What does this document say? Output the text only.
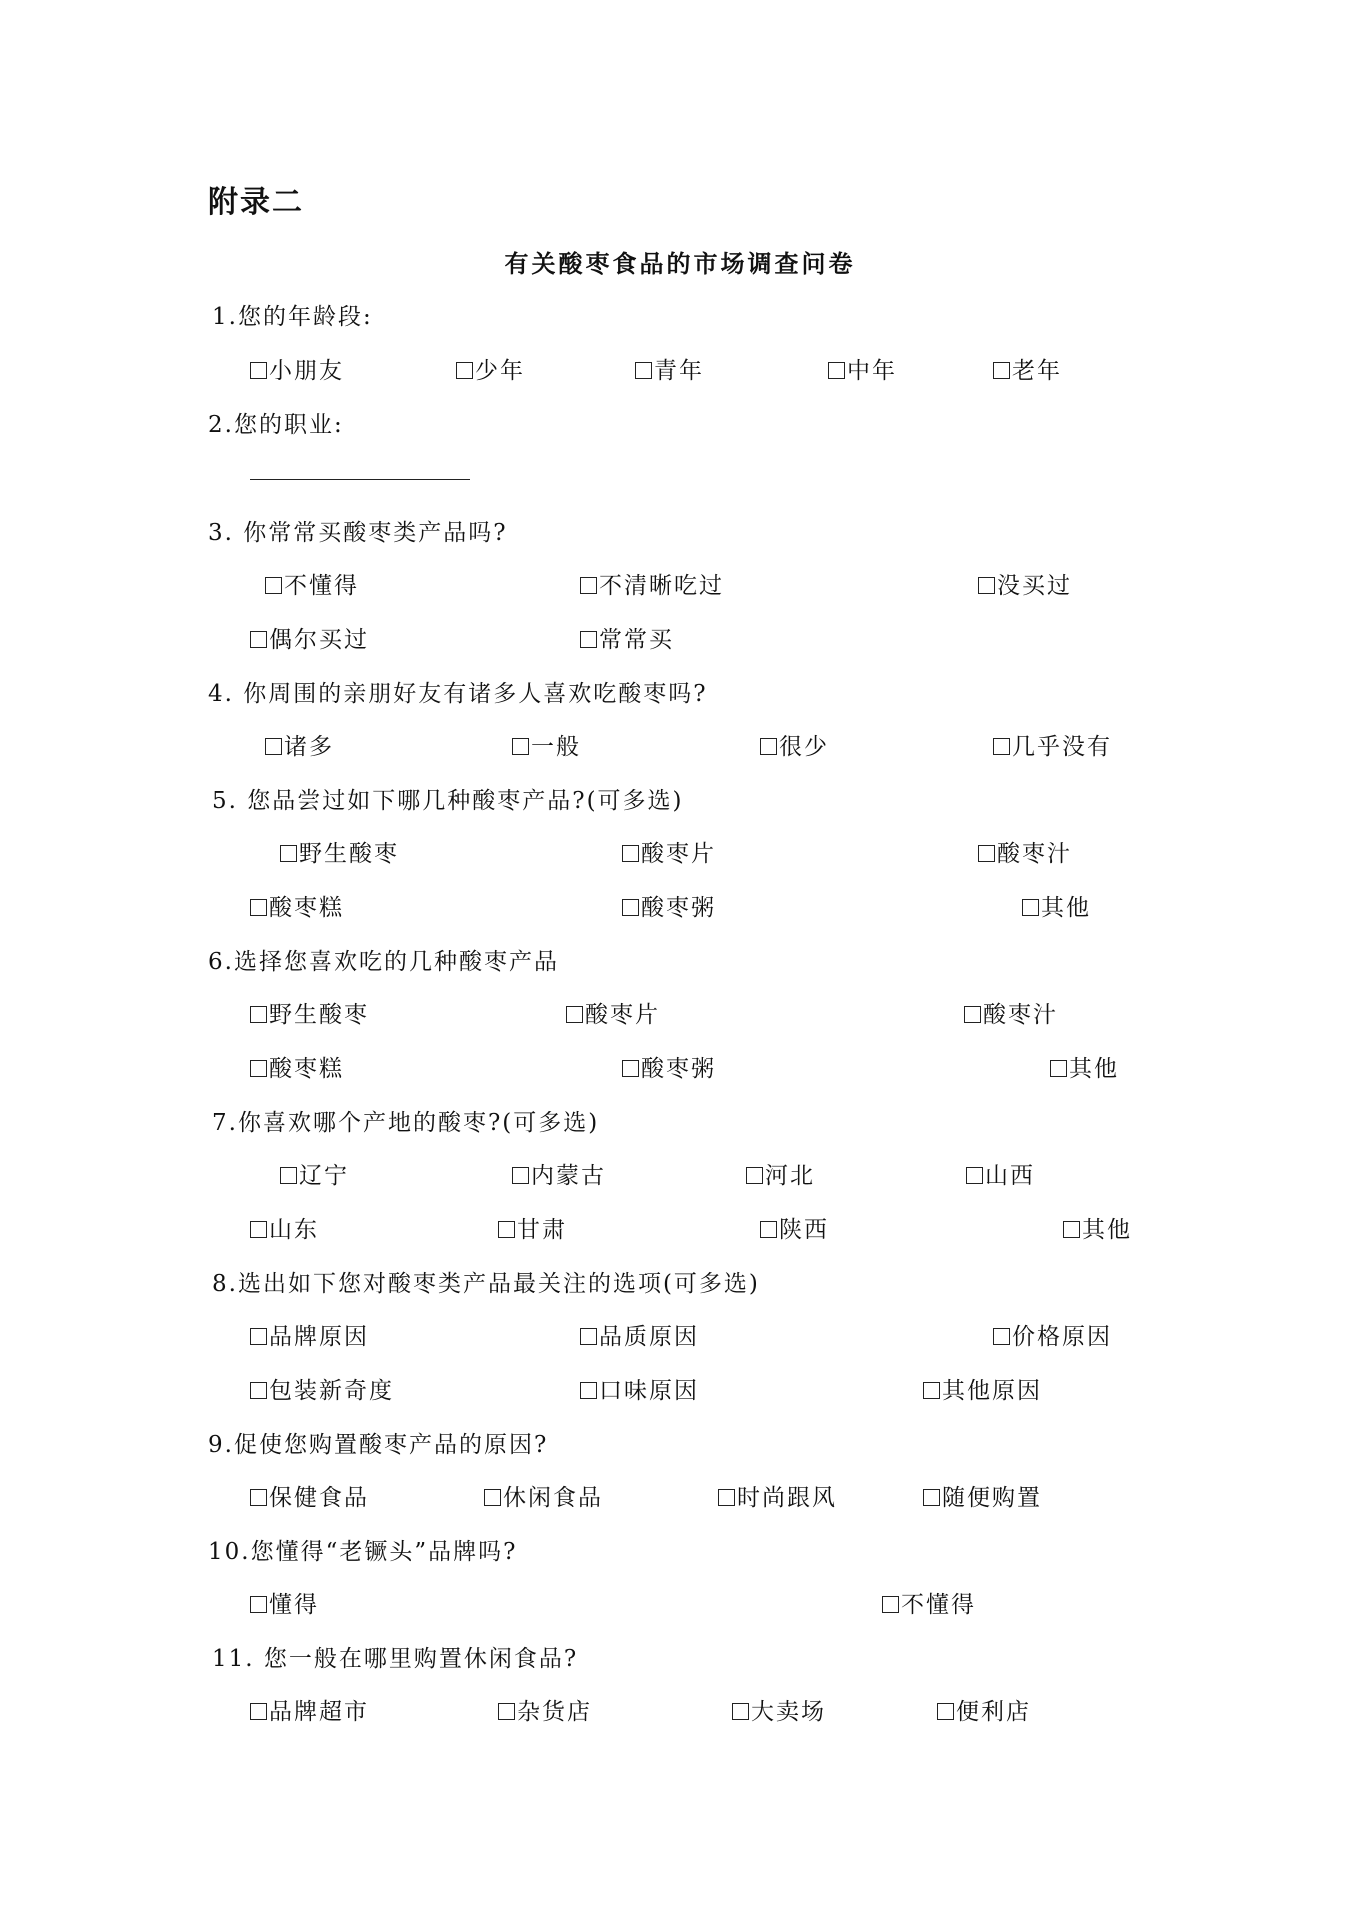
附录二
有关酸枣食品的市场调查问卷
1.您的年龄段:
小朋友	少年	青年	中年	老年
2.您的职业:
3. 你常常买酸枣类产品吗?
不懂得	不清晰吃过	没买过
偶尔买过	常常买
4. 你周围的亲朋好友有诸多人喜欢吃酸枣吗?
诸多	一般	很少	几乎没有
5. 您品尝过如下哪几种酸枣产品?(可多选)
野生酸枣	酸枣片	酸枣汁
酸枣糕	酸枣粥	其他
6.选择您喜欢吃的几种酸枣产品
野生酸枣	酸枣片	酸枣汁
酸枣糕	酸枣粥	其他
7.你喜欢哪个产地的酸枣?(可多选)
辽宁	内蒙古	河北	山西
山东	甘肃	陕西	其他
8.选出如下您对酸枣类产品最关注的选项(可多选)
品牌原因	品质原因	价格原因
包装新奇度	口味原因	其他原因
9.促使您购置酸枣产品的原因?
保健食品	休闲食品	时尚跟风	随便购置
10.您懂得“老镢头”品牌吗?
懂得	不懂得
11. 您一般在哪里购置休闲食品?
品牌超市	杂货店	大卖场	便利店
